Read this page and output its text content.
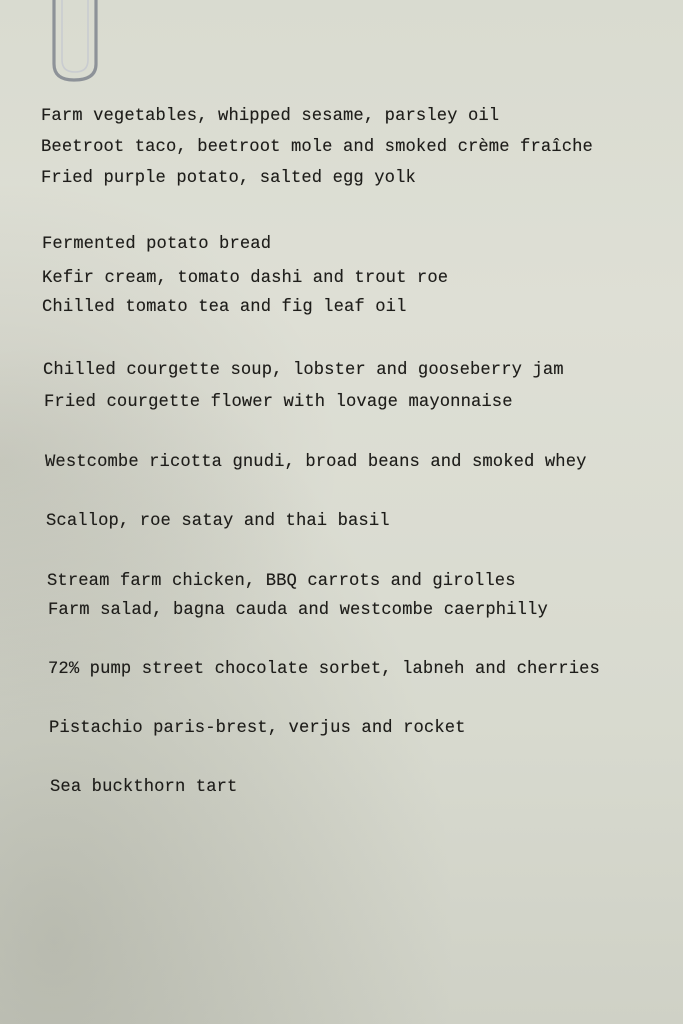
Farm vegetables, whipped sesame, parsley oil
Beetroot taco, beetroot mole and smoked crème fraîche
Fried purple potato, salted egg yolk
Fermented potato bread
Kefir cream, tomato dashi and trout roe
Chilled tomato tea and fig leaf oil
Chilled courgette soup, lobster and gooseberry jam
Fried courgette flower with lovage mayonnaise
Westcombe ricotta gnudi, broad beans and smoked whey
Scallop, roe satay and thai basil
Stream farm chicken, BBQ carrots and girolles
Farm salad, bagna cauda and westcombe caerphilly
72% pump street chocolate sorbet, labneh and cherries
Pistachio paris-brest, verjus and rocket
Sea buckthorn tart
